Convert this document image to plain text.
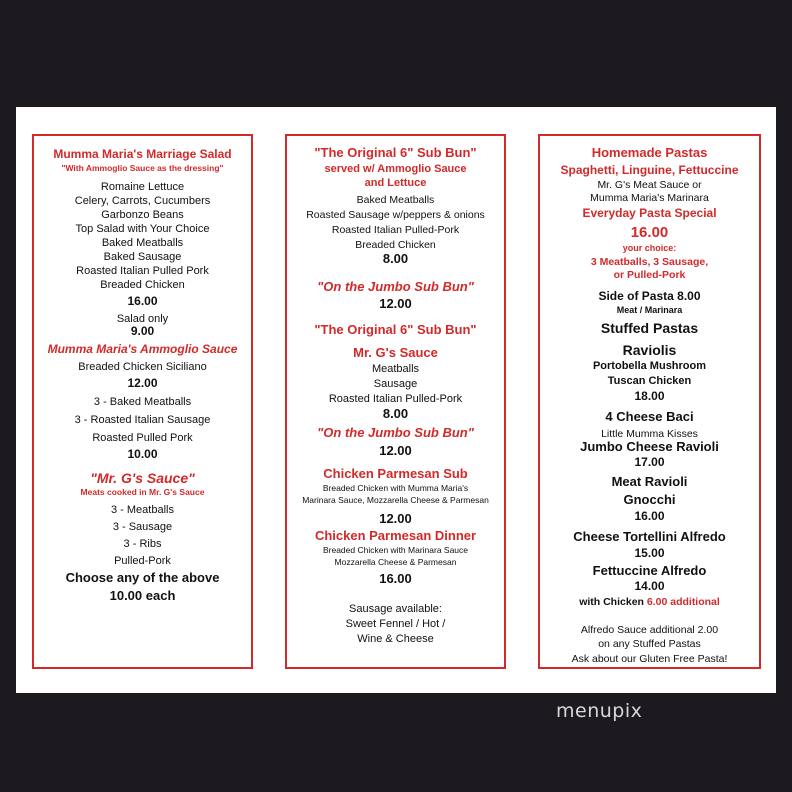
Mumma Maria's Marriage Salad
"With Ammoglio Sauce as the dressing"
Romaine Lettuce
Celery, Carrots, Cucumbers
Garbonzo Beans
Top Salad with Your Choice
Baked Meatballs
Baked Sausage
Roasted Italian Pulled Pork
Breaded Chicken
16.00
Salad only
9.00
Mumma Maria's Ammoglio Sauce
Breaded Chicken Siciliano
12.00
3 - Baked Meatballs
3 - Roasted Italian Sausage
Roasted Pulled Pork
10.00
"Mr. G's Sauce"
Meats cooked in Mr. G's Sauce
3 - Meatballs
3 - Sausage
3 - Ribs
Pulled-Pork
Choose any of the above
10.00 each
"The Original 6" Sub Bun"
served w/ Ammoglio Sauce
and Lettuce
Baked Meatballs
Roasted Sausage w/peppers & onions
Roasted Italian Pulled-Pork
Breaded Chicken
8.00
"On the Jumbo Sub Bun"
12.00
"The Original 6" Sub Bun"
Mr. G's Sauce
Meatballs
Sausage
Roasted Italian Pulled-Pork
8.00
"On the Jumbo Sub Bun"
12.00
Chicken Parmesan Sub
Breaded Chicken with Mumma Maria's
Marinara Sauce, Mozzarella Cheese & Parmesan
12.00
Chicken Parmesan Dinner
Breaded Chicken with Marinara Sauce
Mozzarella Cheese & Parmesan
16.00
Sausage available:
Sweet Fennel / Hot /
Wine & Cheese
Homemade Pastas
Spaghetti, Linguine, Fettuccine
Mr. G's Meat Sauce or
Mumma Maria's Marinara
Everyday Pasta Special
16.00
your choice:
3 Meatballs, 3 Sausage,
or Pulled-Pork
Side of Pasta 8.00
Meat / Marinara
Stuffed Pastas
Raviolis
Portobella Mushroom
Tuscan Chicken
18.00
4 Cheese Baci
Little Mumma Kisses
Jumbo Cheese Ravioli
17.00
Meat Ravioli
Gnocchi
16.00
Cheese Tortellini Alfredo
15.00
Fettuccine Alfredo
14.00
with Chicken 6.00 additional
Alfredo Sauce additional 2.00
on any Stuffed Pastas
Ask about our Gluten Free Pasta!
menupix
